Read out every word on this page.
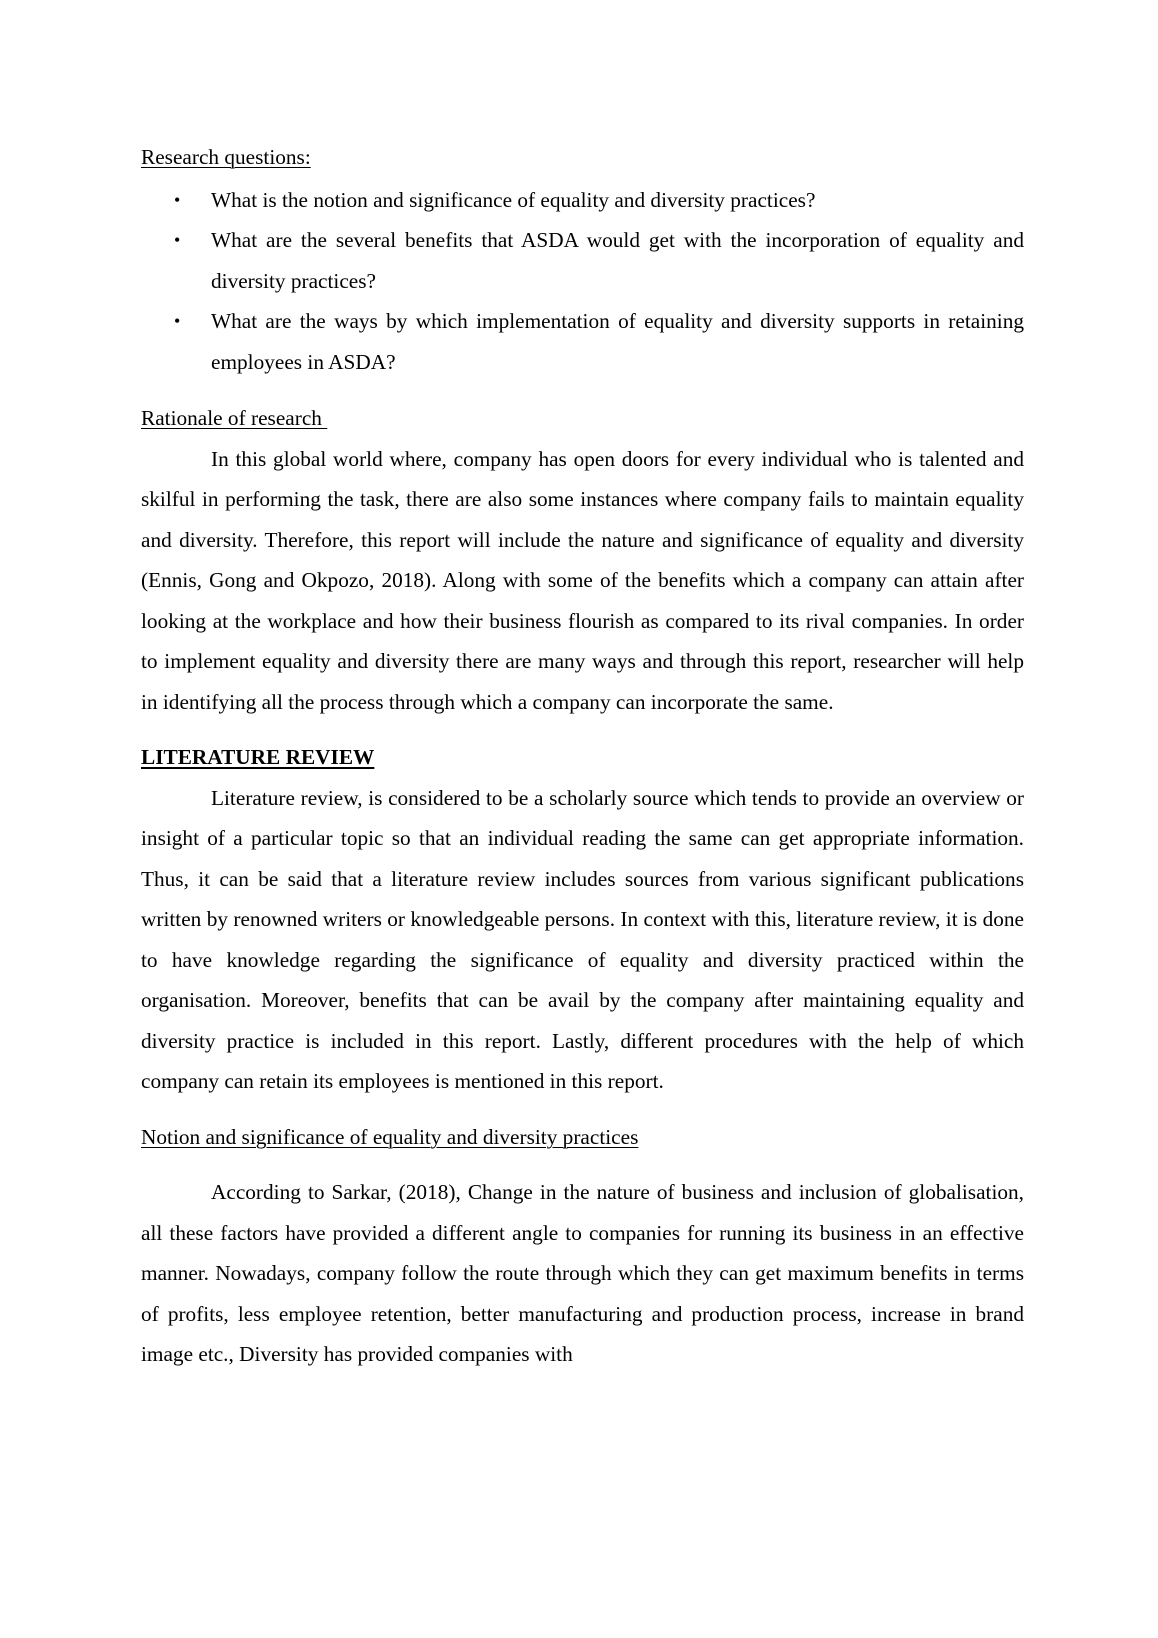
Research questions:

• What is the notion and significance of equality and diversity practices?
• What are the several benefits that ASDA would get with the incorporation of equality and diversity practices?
• What are the ways by which implementation of equality and diversity supports in retaining employees in ASDA?

Rationale of research

In this global world where, company has open doors for every individual who is talented and skilful in performing the task, there are also some instances where company fails to maintain equality and diversity. Therefore, this report will include the nature and significance of equality and diversity (Ennis, Gong and Okpozo, 2018). Along with some of the benefits which a company can attain after looking at the workplace and how their business flourish as compared to its rival companies. In order to implement equality and diversity there are many ways and through this report, researcher will help in identifying all the process through which a company can incorporate the same.

LITERATURE REVIEW

Literature review, is considered to be a scholarly source which tends to provide an overview or insight of a particular topic so that an individual reading the same can get appropriate information. Thus, it can be said that a literature review includes sources from various significant publications written by renowned writers or knowledgeable persons. In context with this, literature review, it is done to have knowledge regarding the significance of equality and diversity practiced within the organisation. Moreover, benefits that can be avail by the company after maintaining equality and diversity practice is included in this report. Lastly, different procedures with the help of which company can retain its employees is mentioned in this report.

Notion and significance of equality and diversity practices

According to Sarkar, (2018), Change in the nature of business and inclusion of globalisation, all these factors have provided a different angle to companies for running its business in an effective manner. Nowadays, company follow the route through which they can get maximum benefits in terms of profits, less employee retention, better manufacturing and production process, increase in brand image etc., Diversity has provided companies with
